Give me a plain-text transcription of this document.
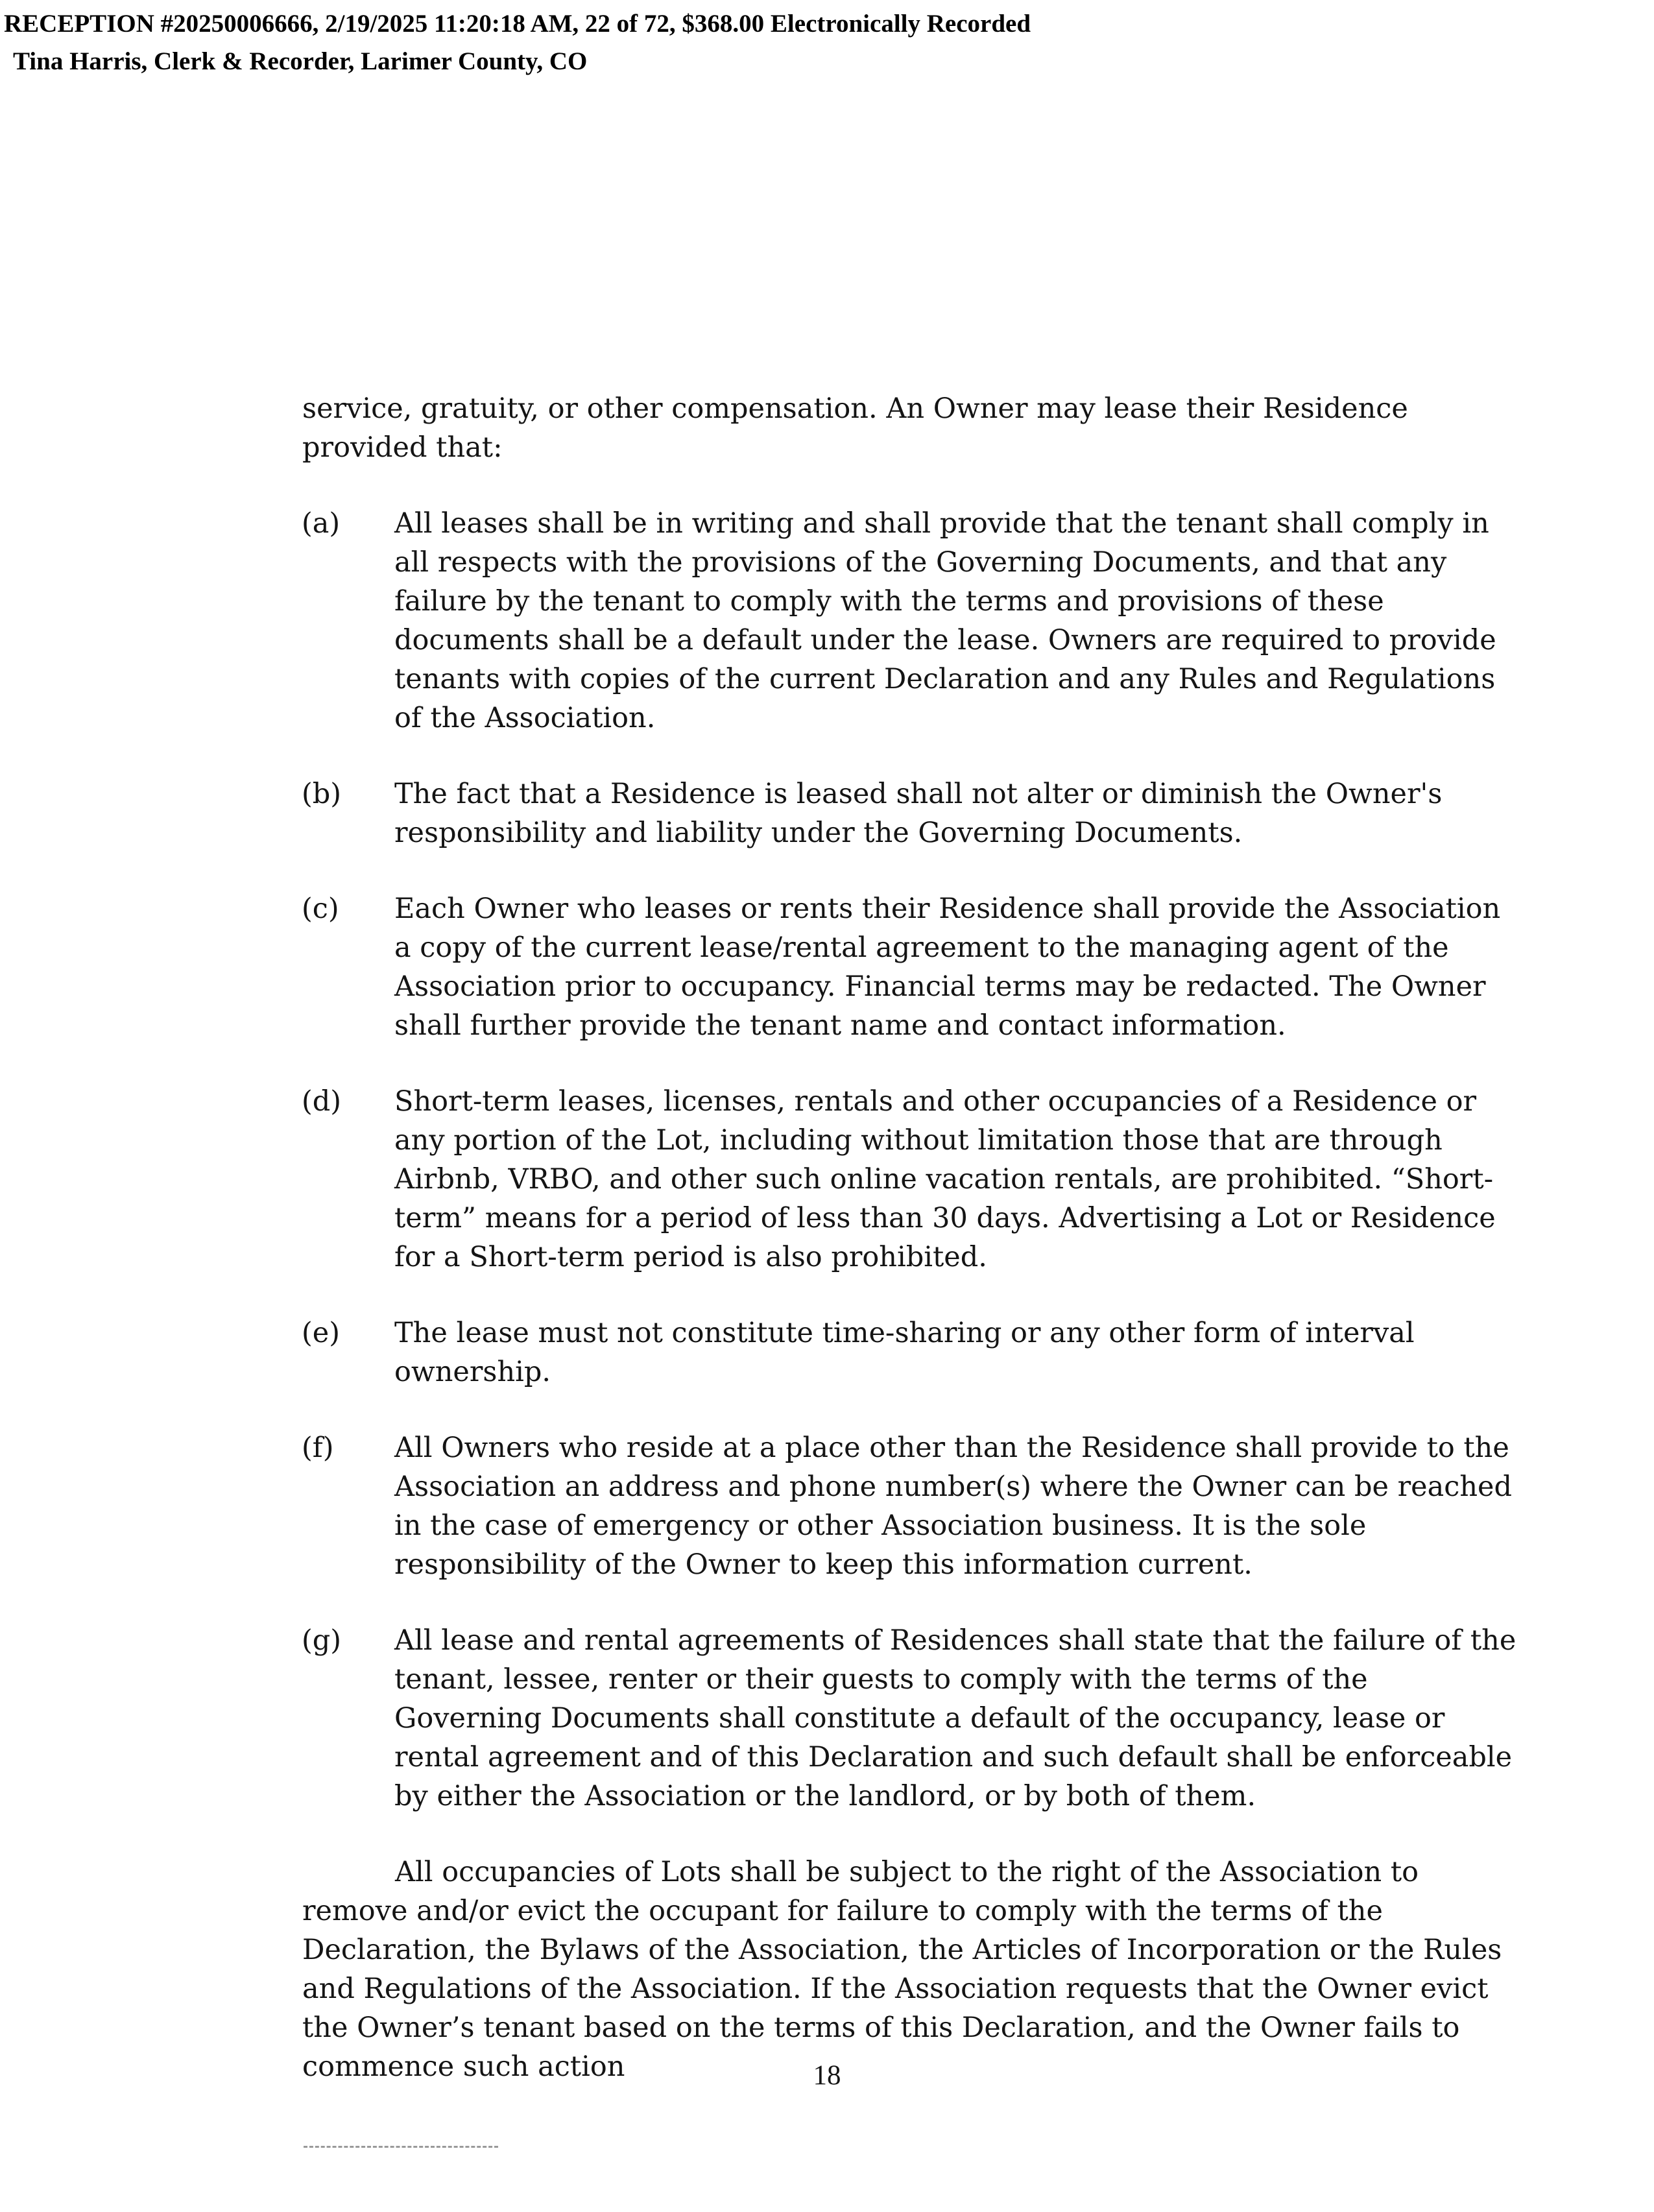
RECEPTION #20250006666, 2/19/2025 11:20:18 AM, 22 of 72, $368.00 Electronically Recorded
Tina Harris, Clerk & Recorder, Larimer County, CO

service, gratuity, or other compensation. An Owner may lease their Residence provided that:

(a) All leases shall be in writing and shall provide that the tenant shall comply in all respects with the provisions of the Governing Documents, and that any failure by the tenant to comply with the terms and provisions of these documents shall be a default under the lease. Owners are required to provide tenants with copies of the current Declaration and any Rules and Regulations of the Association.

(b) The fact that a Residence is leased shall not alter or diminish the Owner's responsibility and liability under the Governing Documents.

(c) Each Owner who leases or rents their Residence shall provide the Association a copy of the current lease/rental agreement to the managing agent of the Association prior to occupancy. Financial terms may be redacted. The Owner shall further provide the tenant name and contact information.

(d) Short-term leases, licenses, rentals and other occupancies of a Residence or any portion of the Lot, including without limitation those that are through Airbnb, VRBO, and other such online vacation rentals, are prohibited. “Short-term” means for a period of less than 30 days. Advertising a Lot or Residence for a Short-term period is also prohibited.

(e) The lease must not constitute time-sharing or any other form of interval ownership.

(f) All Owners who reside at a place other than the Residence shall provide to the Association an address and phone number(s) where the Owner can be reached in the case of emergency or other Association business. It is the sole responsibility of the Owner to keep this information current.

(g) All lease and rental agreements of Residences shall state that the failure of the tenant, lessee, renter or their guests to comply with the terms of the Governing Documents shall constitute a default of the occupancy, lease or rental agreement and of this Declaration and such default shall be enforceable by either the Association or the landlord, or by both of them.

All occupancies of Lots shall be subject to the right of the Association to remove and/or evict the occupant for failure to comply with the terms of the Declaration, the Bylaws of the Association, the Articles of Incorporation or the Rules and Regulations of the Association. If the Association requests that the Owner evict the Owner’s tenant based on the terms of this Declaration, and the Owner fails to commence such action	18
